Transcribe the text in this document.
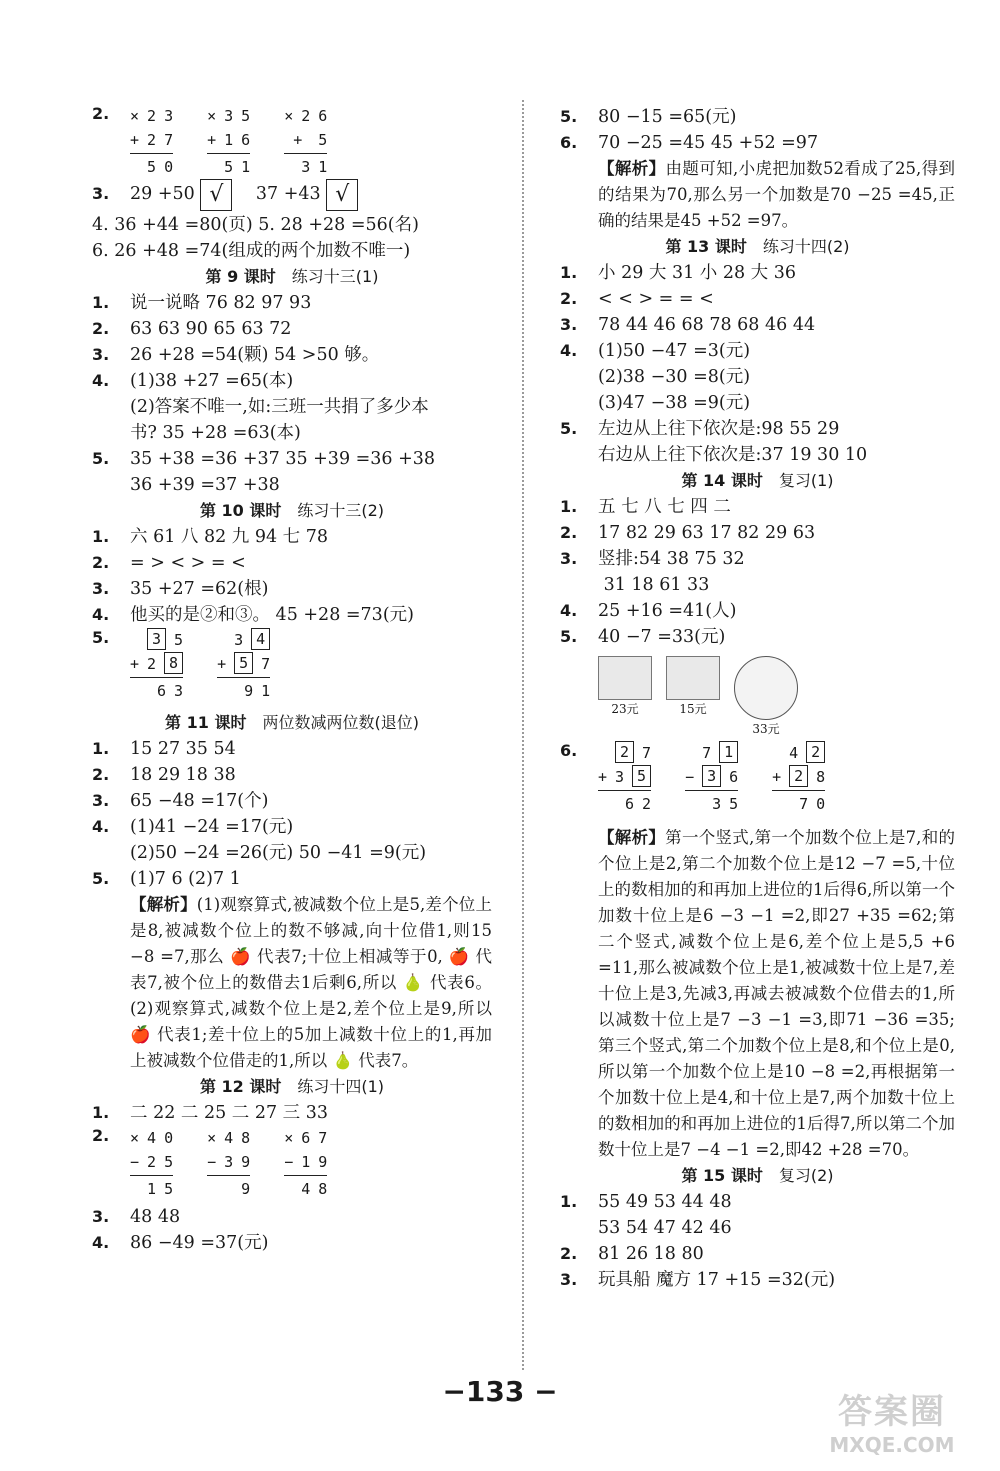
2. × 2 3
+ 2 7
5 0
× 3 5
+ 1 6
5 1
× 2 6
+ 5
3 1
3. 29 +50 √ 37 +43 √
4. 36 +44 =80(页) 5. 28 +28 =56(名)
6. 26 +48 =74(组成的两个加数不唯一)
第 9 课时 练习十三(1)
1. 说一说略 76 82 97 93
2. 63 63 90 65 63 72
3. 26 +28 =54(颗) 54 >50 够。
4. (1)38 +27 =65(本)
(2)答案不唯一,如:三班一共捐了多少本
书? 35 +28 =63(本)
5. 35 +38 =36 +37 35 +39 =36 +38
36 +39 =37 +38
第 10 课时 练习十三(2)
1. 六 61 八 82 九 94 七 78
2. = > < > = <
3. 35 +27 =62(根)
4. 他买的是②和③。 45 +28 =73(元)
5.	3 5
+ 2 8
6 3
3 4
+ 5 7
9 1
第 11 课时 两位数减两位数(退位)
1. 15 27 35 54
2. 18 29 18 38
3. 65 −48 =17(个)
4. (1)41 −24 =17(元)
(2)50 −24 =26(元) 50 −41 =9(元)
5. (1)7 6 (2)7 1
【解析】(1)观察算式,被减数个位上是5,差个位上是8,被减数个位上的数不够减,向十位借1,则15 −8 =7,那么 🍎 代表7;十位上相减等于0, 🍎 代表7,被个位上的数借去1后剩6,所以 🍐 代表6。(2)观察算式,减数个位上是2,差个位上是9,所以 🍎 代表1;差十位上的5加上减数十位上的1,再加上被减数个位借走的1,所以 🍐 代表7。
第 12 课时 练习十四(1)
1. 二 22 二 25 二 27 三 33
2. × 4 0
− 2 5
1 5
× 4 8
− 3 9
9
× 6 7
− 1 9
4 8
3. 48 48
4. 86 −49 =37(元)
5. 80 −15 =65(元)
6. 70 −25 =45 45 +52 =97
【解析】由题可知,小虎把加数52看成了25,得到的结果为70,那么另一个加数是70 −25 =45,正确的结果是45 +52 =97。
第 13 课时 练习十四(2)
1. 小 29 大 31 小 28 大 36
2. < < > = = <
3. 78 44 46 68 78 68 46 44
4. (1)50 −47 =3(元)
(2)38 −30 =8(元)
(3)47 −38 =9(元)
5. 左边从上往下依次是:98 55 29
右边从上往下依次是:37 19 30 10
第 14 课时 复习(1)
1. 五 七 八 七 四 二
2. 17 82 29 63 17 82 29 63
3. 竖排:54 38 75 32
31 18 61 33
4. 25 +16 =41(人)
5. 40 −7 =33(元)
23元	15元
33元
6.	2 7
+ 3 5
6 2
7 1
− 3 6
3 5
4 2
+ 2 8
7 0
【解析】第一个竖式,第一个加数个位上是7,和的个位上是2,第二个加数个位上是12 −7 =5,十位上的数相加的和再加上进位的1后得6,所以第一个加数十位上是6 −3 −1 =2,即27 +35 =62;第二个竖式,减数个位上是6,差个位上是5,5 +6 =11,那么被减数个位上是1,被减数十位上是7,差十位上是3,先减3,再减去被减数个位借去的1,所以减数十位上是7 −3 −1 =3,即71 −36 =35;第三个竖式,第二个加数个位上是8,和个位上是0,所以第一个加数个位上是10 −8 =2,再根据第一个加数十位上是4,和十位上是7,两个加数十位上的数相加的和再加上进位的1后得7,所以第二个加数十位上是7 −4 −1 =2,即42 +28 =70。
第 15 课时 复习(2)
1. 55 49 53 44 48
53 54 47 42 46
2. 81 26 18 80
3. 玩具船 魔方 17 +15 =32(元)
−133 −
答案圈
MXQE.COM
